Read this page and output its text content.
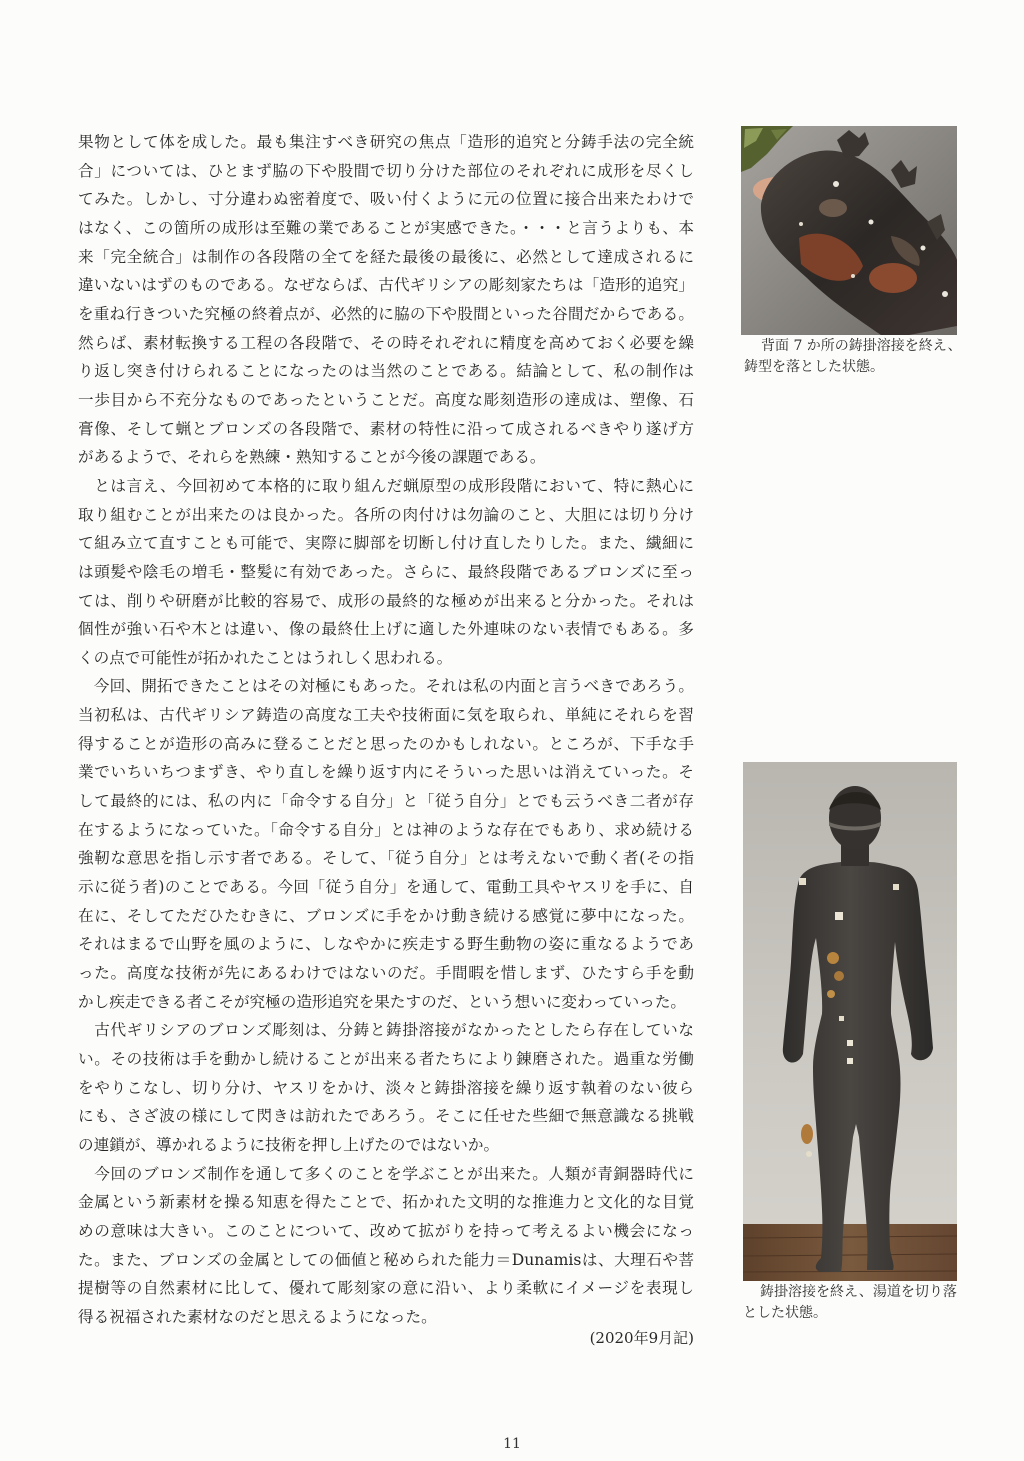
果物として体を成した。最も集注すべき研究の焦点「造形的追究と分鋳手法の完全統
合」については、ひとまず脇の下や股間で切り分けた部位のそれぞれに成形を尽くし
てみた。しかし、寸分違わぬ密着度で、吸い付くように元の位置に接合出来たわけで
はなく、この箇所の成形は至難の業であることが実感できた。・・・と言うよりも、本
来「完全統合」は制作の各段階の全てを経た最後の最後に、必然として達成されるに
違いないはずのものである。なぜならば、古代ギリシアの彫刻家たちは「造形的追究」
を重ね行きついた究極の終着点が、必然的に脇の下や股間といった谷間だからである。
然らば、素材転換する工程の各段階で、その時それぞれに精度を高めておく必要を繰
り返し突き付けられることになったのは当然のことである。結論として、私の制作は
一歩目から不充分なものであったということだ。高度な彫刻造形の達成は、塑像、石
膏像、そして蝋とブロンズの各段階で、素材の特性に沿って成されるべきやり遂げ方
があるようで、それらを熟練・熟知することが今後の課題である。
　とは言え、今回初めて本格的に取り組んだ蝋原型の成形段階において、特に熱心に
取り組むことが出来たのは良かった。各所の肉付けは勿論のこと、大胆には切り分け
て組み立て直すことも可能で、実際に脚部を切断し付け直したりした。また、繊細に
は頭髪や陰毛の増毛・整髪に有効であった。さらに、最終段階であるブロンズに至っ
ては、削りや研磨が比較的容易で、成形の最終的な極めが出来ると分かった。それは
個性が強い石や木とは違い、像の最終仕上げに適した外連味のない表情でもある。多
くの点で可能性が拓かれたことはうれしく思われる。
　今回、開拓できたことはその対極にもあった。それは私の内面と言うべきであろう。
当初私は、古代ギリシア鋳造の高度な工夫や技術面に気を取られ、単純にそれらを習
得することが造形の高みに登ることだと思ったのかもしれない。ところが、下手な手
業でいちいちつまずき、やり直しを繰り返す内にそういった思いは消えていった。そ
して最終的には、私の内に「命令する自分」と「従う自分」とでも云うべき二者が存
在するようになっていた。「命令する自分」とは神のような存在でもあり、求め続ける
強靭な意思を指し示す者である。そして、「従う自分」とは考えないで動く者(その指
示に従う者)のことである。今回「従う自分」を通して、電動工具やヤスリを手に、自
在に、そしてただひたむきに、ブロンズに手をかけ動き続ける感覚に夢中になった。
それはまるで山野を風のように、しなやかに疾走する野生動物の姿に重なるようであ
った。高度な技術が先にあるわけではないのだ。手間暇を惜しまず、ひたすら手を動
かし疾走できる者こそが究極の造形追究を果たすのだ、という想いに変わっていった。
　古代ギリシアのブロンズ彫刻は、分鋳と鋳掛溶接がなかったとしたら存在していな
い。その技術は手を動かし続けることが出来る者たちにより錬磨された。過重な労働
をやりこなし、切り分け、ヤスリをかけ、淡々と鋳掛溶接を繰り返す執着のない彼ら
にも、さざ波の様にして閃きは訪れたであろう。そこに任せた些細で無意識なる挑戦
の連鎖が、導かれるように技術を押し上げたのではないか。
　今回のブロンズ制作を通して多くのことを学ぶことが出来た。人類が青銅器時代に
金属という新素材を操る知恵を得たことで、拓かれた文明的な推進力と文化的な目覚
めの意味は大きい。このことについて、改めて拡がりを持って考えるよい機会になっ
た。また、ブロンズの金属としての価値と秘められた能力＝Dunamisは、大理石や菩
提樹等の自然素材に比して、優れて彫刻家の意に沿い、より柔軟にイメージを表現し
得る祝福された素材なのだと思えるようになった。
(2020年9月記)
背面 7 か所の鋳掛溶接を終え、
鋳型を落とした状態。
鋳掛溶接を終え、湯道を切り落
とした状態。
11
